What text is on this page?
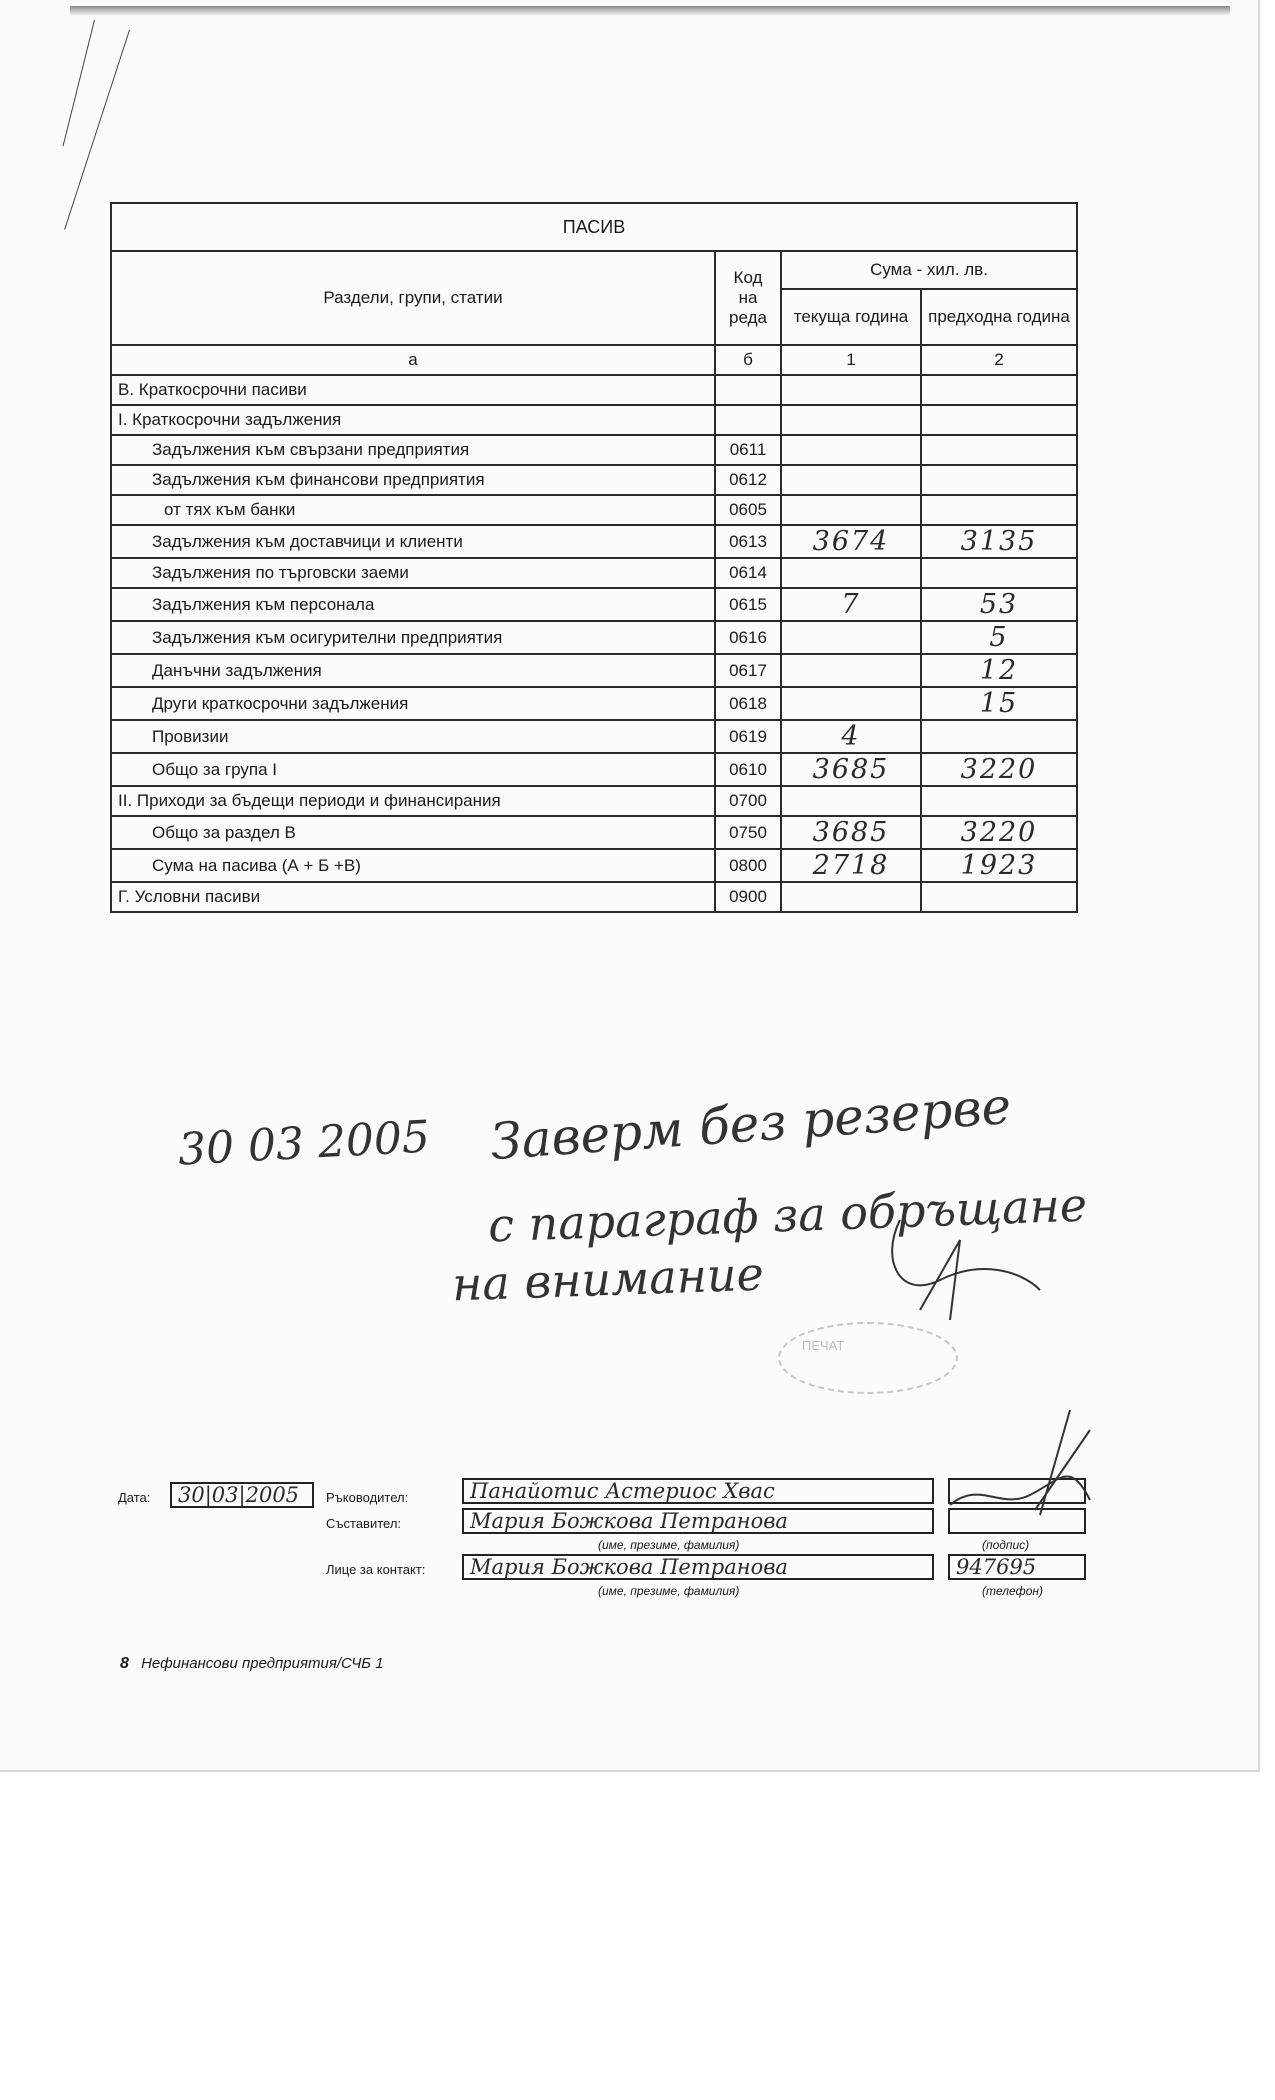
ПАСИВ			
Раздели, групи, статии	Код на реда	Сума - хил. лв.	
		текуща година	предходна година
а	б	1	2
В. Краткосрочни пасиви			
I. Краткосрочни задължения			
Задължения към свързани предприятия	0611		
Задължения към финансови предприятия	0612		
от тях към банки	0605		
Задължения към доставчици и клиенти	0613	3674	3135
Задължения по търговски заеми	0614		
Задължения към персонала	0615	7	53
Задължения към осигурителни предприятия	0616		5
Данъчни задължения	0617		12
Други краткосрочни задължения	0618		15
Провизии	0619	4	
Общо за група I	0610	3685	3220
II. Приходи за бъдещи периоди и финансирания	0700		
Общо за раздел В	0750	3685	3220
Сума на пасива (А + Б +В)	0800	2718	1923
Г. Условни пасиви	0900		
30 03 2005 Заверм без резерве
с параграф за обръщане
на внимание
ПЕЧАТ
Дата: 30|03|2005	Ръководител:	Панайотис Астериос Хвас
Съставител:	Мария Божкова Петранова
(име, презиме, фамилия)	(подпис)
Лице за контакт: Мария Божкова Петранова	947695
(име, презиме, фамилия)	(телефон)
8 Нефинансови предприятия/СЧБ 1
